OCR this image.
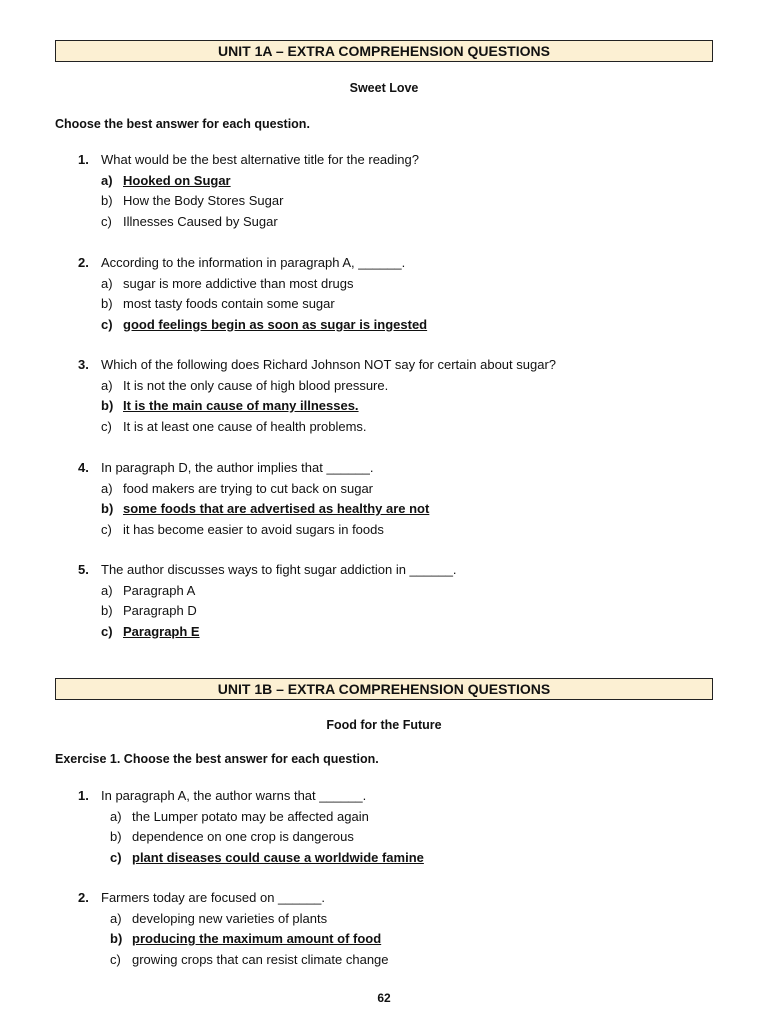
UNIT 1A – EXTRA COMPREHENSION QUESTIONS
Sweet Love
Choose the best answer for each question.
1. What would be the best alternative title for the reading?
a) Hooked on Sugar
b) How the Body Stores Sugar
c) Illnesses Caused by Sugar
2. According to the information in paragraph A, ______.
a) sugar is more addictive than most drugs
b) most tasty foods contain some sugar
c) good feelings begin as soon as sugar is ingested
3. Which of the following does Richard Johnson NOT say for certain about sugar?
a) It is not the only cause of high blood pressure.
b) It is the main cause of many illnesses.
c) It is at least one cause of health problems.
4. In paragraph D, the author implies that ______.
a) food makers are trying to cut back on sugar
b) some foods that are advertised as healthy are not
c) it has become easier to avoid sugars in foods
5. The author discusses ways to fight sugar addiction in ______.
a) Paragraph A
b) Paragraph D
c) Paragraph E
UNIT 1B – EXTRA COMPREHENSION QUESTIONS
Food for the Future
Exercise 1. Choose the best answer for each question.
1. In paragraph A, the author warns that ______.
a) the Lumper potato may be affected again
b) dependence on one crop is dangerous
c) plant diseases could cause a worldwide famine
2. Farmers today are focused on ______.
a) developing new varieties of plants
b) producing the maximum amount of food
c) growing crops that can resist climate change
62
